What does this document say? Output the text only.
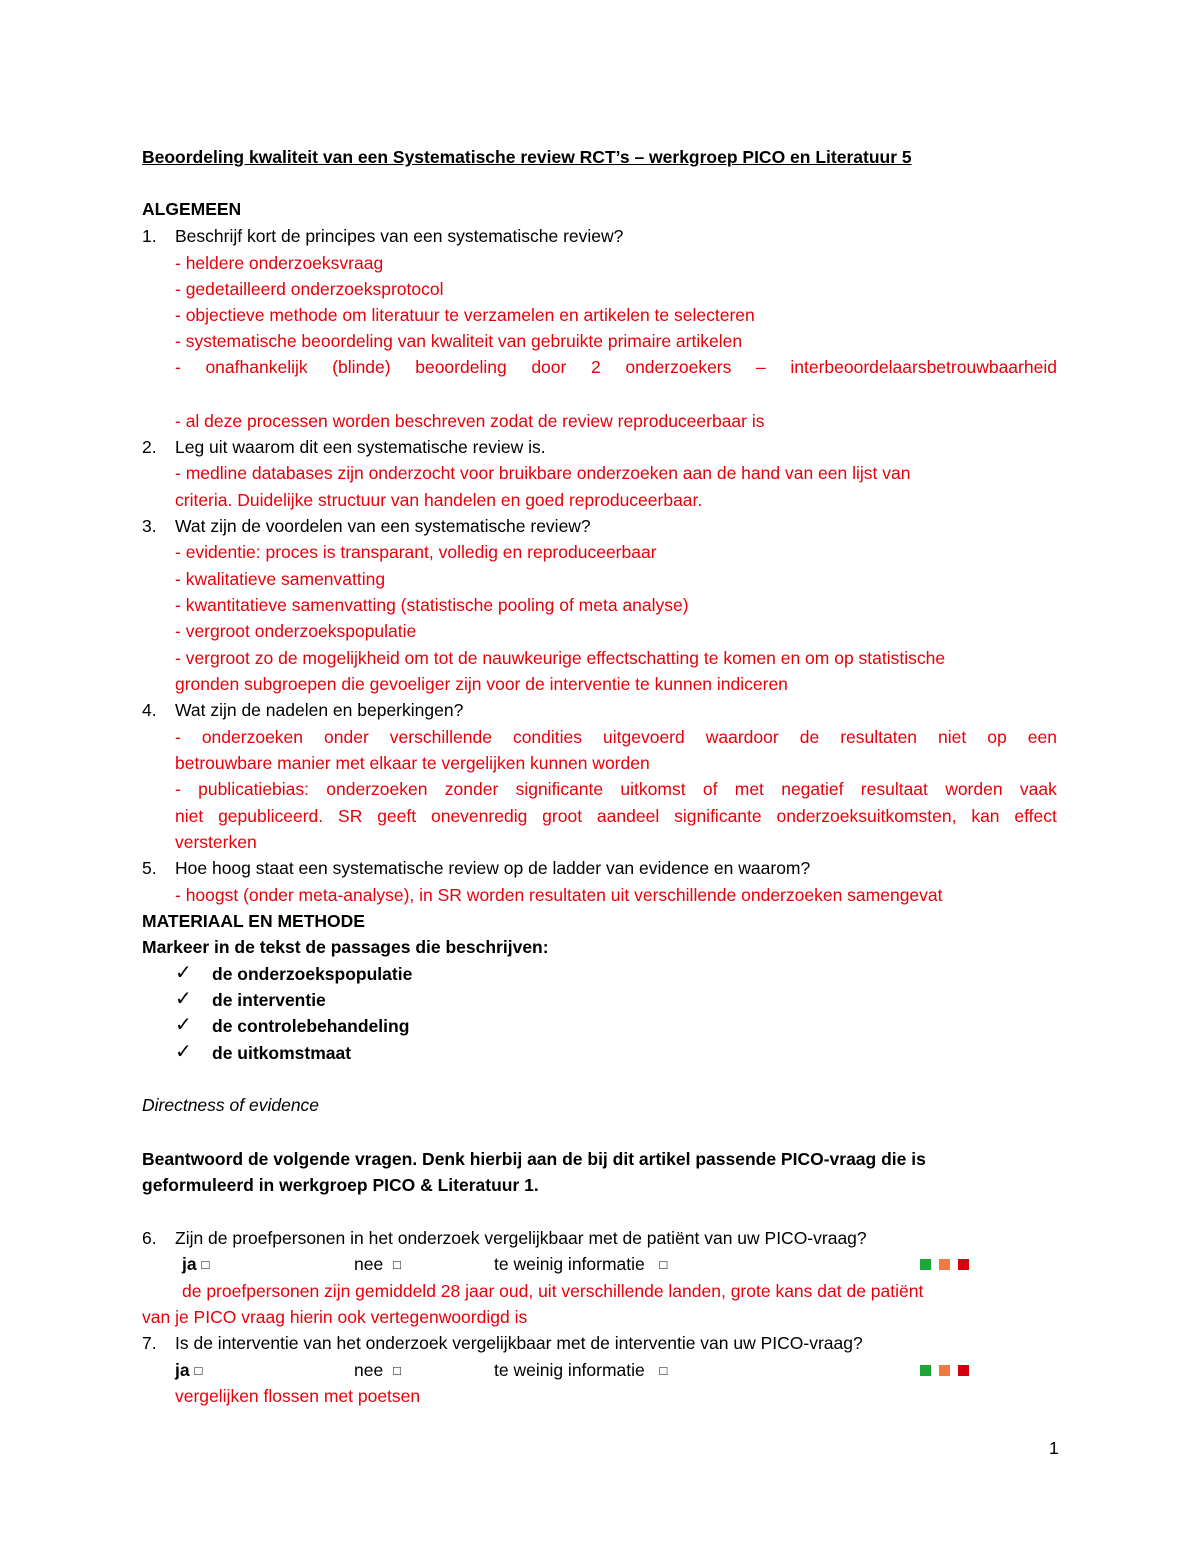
Beoordeling kwaliteit van een Systematische review RCT’s – werkgroep PICO en Literatuur 5
ALGEMEEN
1. Beschrijf kort de principes van een systematische review?
- heldere onderzoeksvraag
- gedetailleerd onderzoeksprotocol
- objectieve methode om literatuur te verzamelen en artikelen te selecteren
- systematische beoordeling van kwaliteit van gebruikte primaire artikelen
- onafhankelijk (blinde) beoordeling door 2 onderzoekers – interbeoordelaarsbetrouwbaarheid
- al deze processen worden beschreven zodat de review reproduceerbaar is
2. Leg uit waarom dit een systematische review is.
- medline databases zijn onderzocht voor bruikbare onderzoeken aan de hand van een lijst van
criteria. Duidelijke structuur van handelen en goed reproduceerbaar.
3. Wat zijn de voordelen van een systematische review?
- evidentie: proces is transparant, volledig en reproduceerbaar
- kwalitatieve samenvatting
- kwantitatieve samenvatting (statistische pooling of meta analyse)
- vergroot onderzoekspopulatie
- vergroot zo de mogelijkheid om tot de nauwkeurige effectschatting te komen en om op statistische
gronden subgroepen die gevoeliger zijn voor de interventie te kunnen indiceren
4. Wat zijn de nadelen en beperkingen?
- onderzoeken onder verschillende condities uitgevoerd waardoor de resultaten niet op een
betrouwbare manier met elkaar te vergelijken kunnen worden
- publicatiebias: onderzoeken zonder significante uitkomst of met negatief resultaat worden vaak
niet gepubliceerd. SR geeft onevenredig groot aandeel significante onderzoeksuitkomsten, kan effect
versterken
5. Hoe hoog staat een systematische review op de ladder van evidence en waarom?
- hoogst (onder meta-analyse), in SR worden resultaten uit verschillende onderzoeken samengevat
MATERIAAL EN METHODE
Markeer in de tekst de passages die beschrijven:
✓ de onderzoekspopulatie
✓ de interventie
✓ de controlebehandeling
✓ de uitkomstmaat
Directness of evidence
Beantwoord de volgende vragen. Denk hierbij aan de bij dit artikel passende PICO-vraag die is
geformuleerd in werkgroep PICO & Literatuur 1.
6. Zijn de proefpersonen in het onderzoek vergelijkbaar met de patiënt van uw PICO-vraag?
ja □	nee □	te weinig informatie □
de proefpersonen zijn gemiddeld 28 jaar oud, uit verschillende landen, grote kans dat de patiënt
van je PICO vraag hierin ook vertegenwoordigd is
7. Is de interventie van het onderzoek vergelijkbaar met de interventie van uw PICO-vraag?
ja □	nee □	te weinig informatie □
vergelijken flossen met poetsen
1
